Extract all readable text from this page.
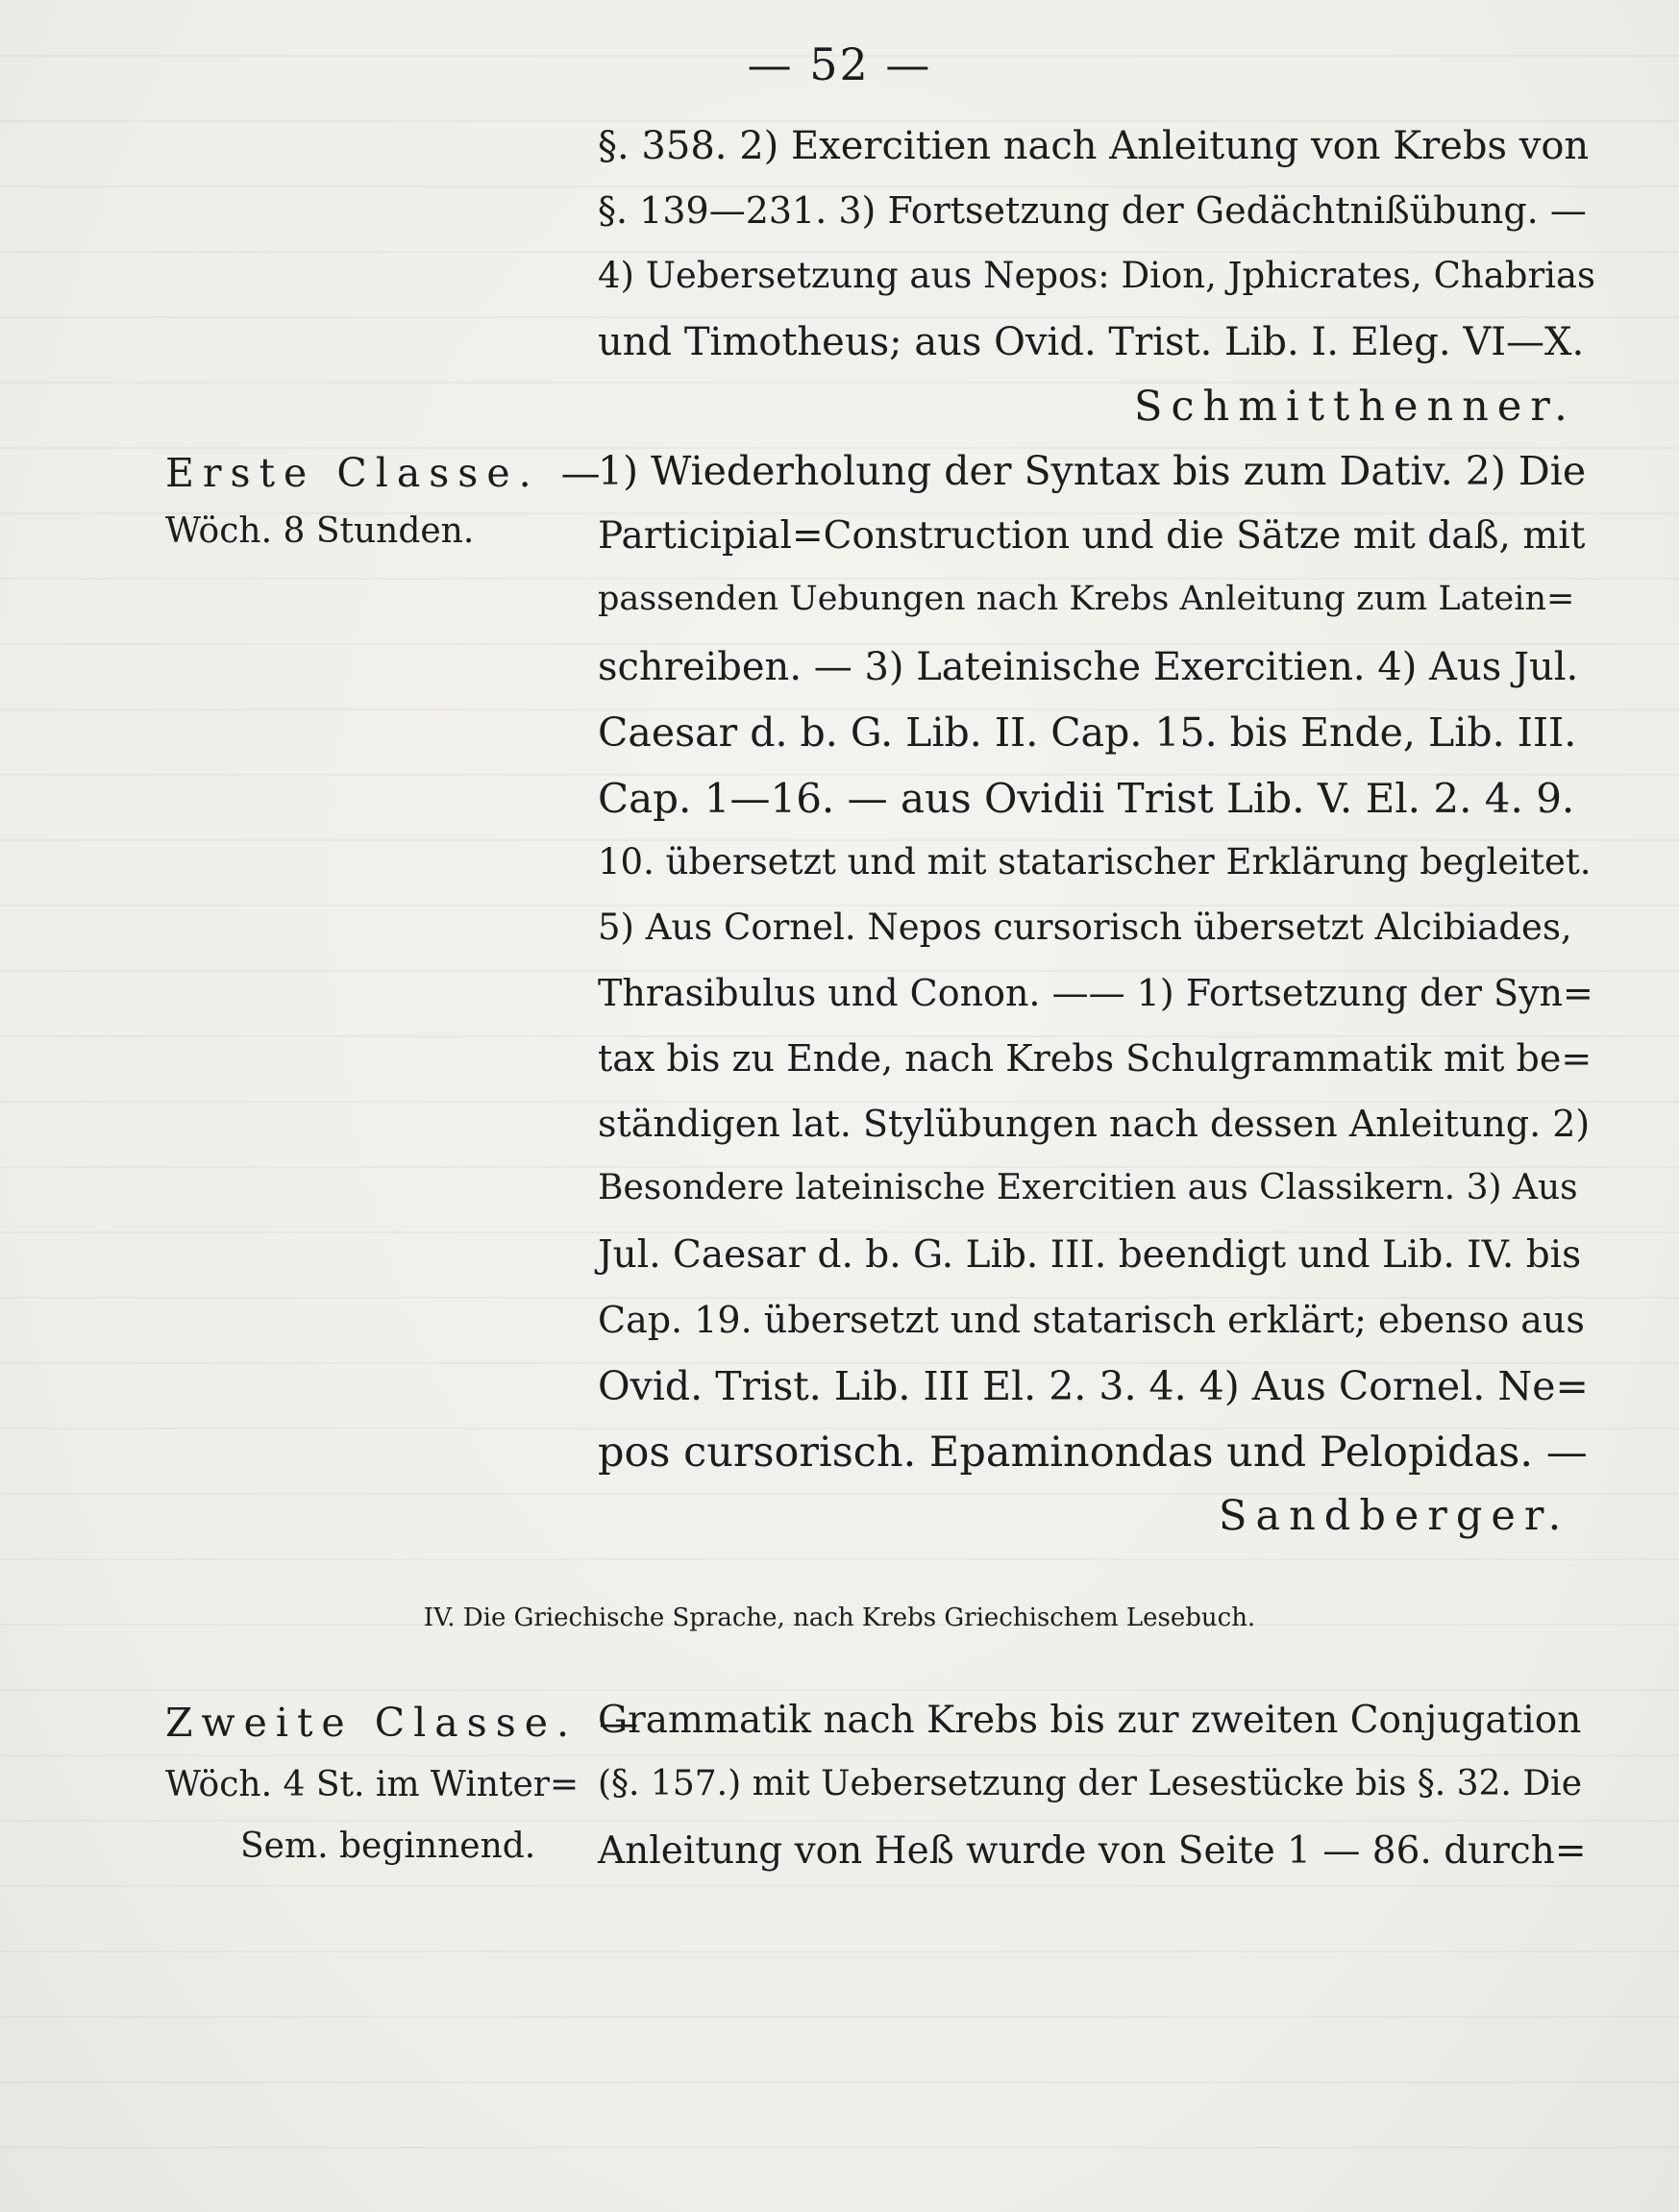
— 52 —
§. 358. 2) Exercitien nach Anleitung von Krebs von
§. 139—231. 3) Fortsetzung der Gedächtnißübung. —
4) Uebersetzung aus Nepos: Dion, Jphicrates, Chabrias
und Timotheus; aus Ovid. Trist. Lib. I. Eleg. VI—X.
Schmitthenner.
Erste Classe. —
Wöch. 8 Stunden.
1) Wiederholung der Syntax bis zum Dativ. 2) Die
Participial=Construction und die Sätze mit daß, mit
passenden Uebungen nach Krebs Anleitung zum Latein=
schreiben. — 3) Lateinische Exercitien. 4) Aus Jul.
Caesar d. b. G. Lib. II. Cap. 15. bis Ende, Lib. III.
Cap. 1—16. — aus Ovidii Trist Lib. V. El. 2. 4. 9.
10. übersetzt und mit statarischer Erklärung begleitet.
5) Aus Cornel. Nepos cursorisch übersetzt Alcibiades,
Thrasibulus und Conon. —— 1) Fortsetzung der Syn=
tax bis zu Ende, nach Krebs Schulgrammatik mit be=
ständigen lat. Stylübungen nach dessen Anleitung. 2)
Besondere lateinische Exercitien aus Classikern. 3) Aus
Jul. Caesar d. b. G. Lib. III. beendigt und Lib. IV. bis
Cap. 19. übersetzt und statarisch erklärt; ebenso aus
Ovid. Trist. Lib. III El. 2. 3. 4. 4) Aus Cornel. Ne=
pos cursorisch. Epaminondas und Pelopidas. —
Sandberger.
IV. Die Griechische Sprache, nach Krebs Griechischem Lesebuch.
Zweite Classe. —
Wöch. 4 St. im Winter=
Sem. beginnend.
Grammatik nach Krebs bis zur zweiten Conjugation
(§. 157.) mit Uebersetzung der Lesestücke bis §. 32. Die
Anleitung von Heß wurde von Seite 1 — 86. durch=
